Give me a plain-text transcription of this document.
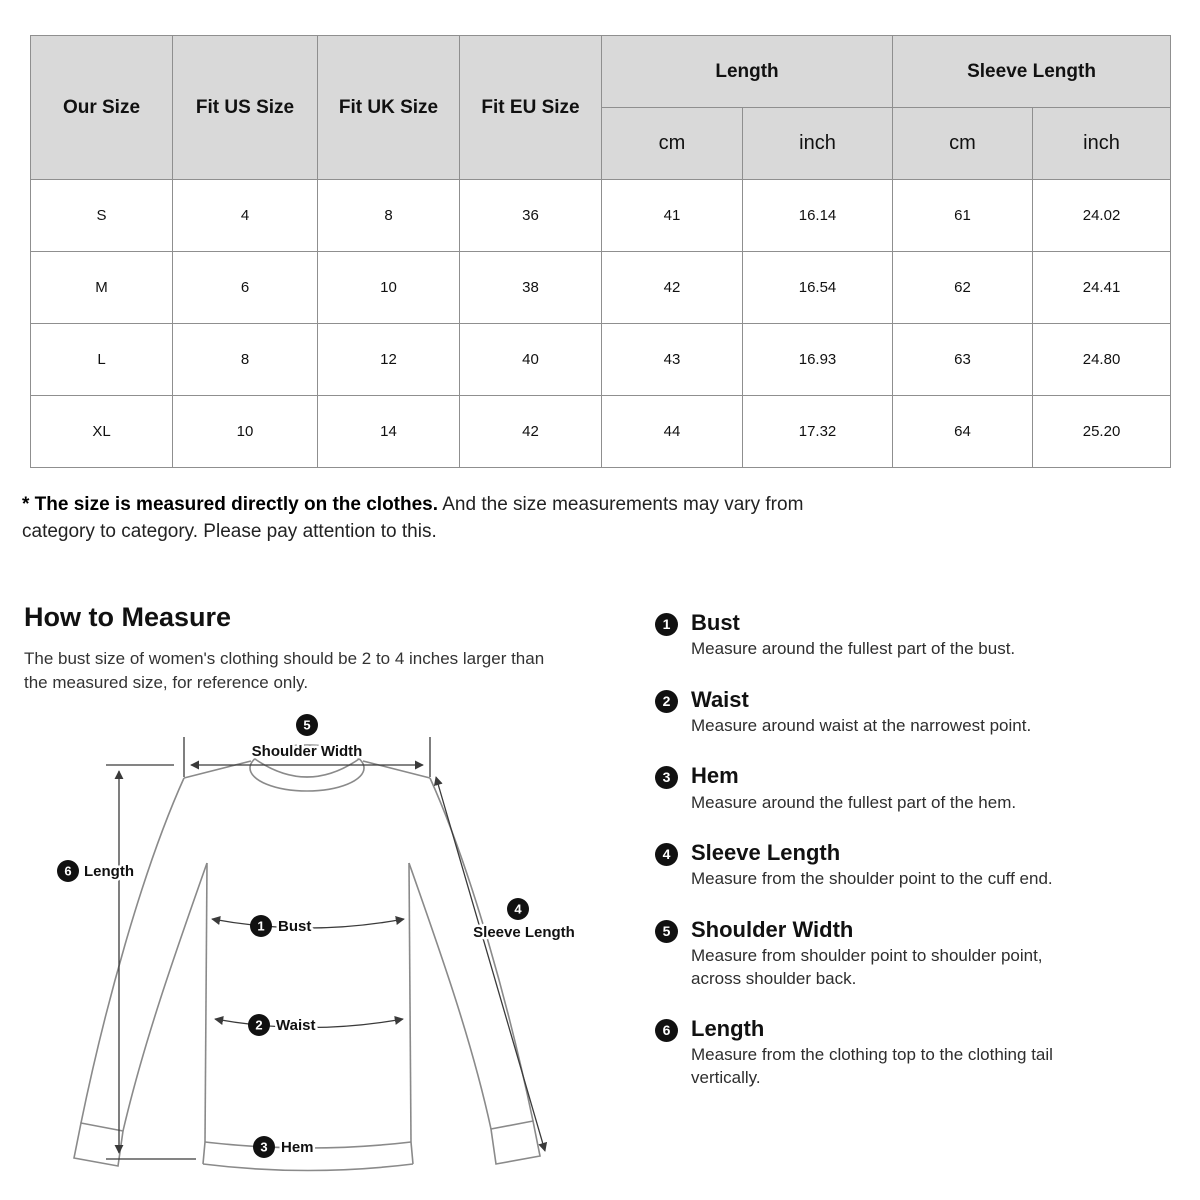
Our Size	Fit US Size	Fit UK Size	Fit EU Size	Length		Sleeve Length	
				cm	inch	cm	inch
S	4	8	36	41	16.14	61	24.02
M	6	10	38	42	16.54	62	24.41
L	8	12	40	43	16.93	63	24.80
XL	10	14	42	44	17.32	64	25.20

* The size is measured directly on the clothes. And the size measurements may vary from category to category. Please pay attention to this.

How to Measure

The bust size of women's clothing should be 2 to 4 inches larger than the measured size, for reference only.

5
Shoulder Width
6 Length
1 Bust
2 Waist
3 Hem
4
Sleeve Length
1 Bust
Measure around the fullest part of the bust.
2 Waist
Measure around waist at the narrowest point.
3 Hem
Measure around the fullest part of the hem.
4 Sleeve Length
Measure from the shoulder point to the cuff end.
5 Shoulder Width
Measure from shoulder point to shoulder point, across shoulder back.
6 Length
Measure from the clothing top to the clothing tail vertically.
